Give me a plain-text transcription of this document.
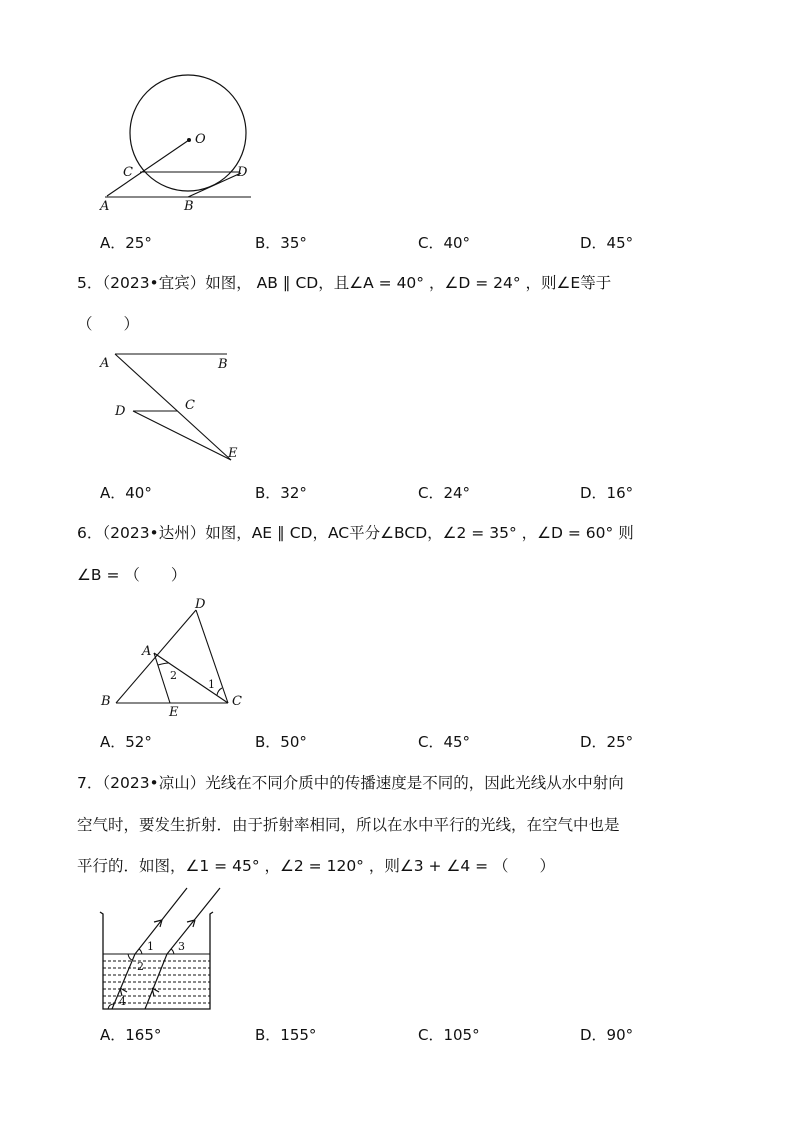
O
C	D
A	B
A．25°	B．35°	C．40°	D．45°
5．（2023•宜宾）如图， AB ∥ CD，且∠A = 40° ，∠D = 24° ，则∠E等于
（　　）
A	B
C
D
E
A．40°	B．32°	C．24°	D．16°
6．（2023•达州）如图，AE ∥ CD，AC平分∠BCD，∠2 = 35° ，∠D = 60° 则
∠B = （　　）
D
A
B
E
C
2
1
A．52°	B．50°	C．45°	D．25°
7．（2023•凉山）光线在不同介质中的传播速度是不同的，因此光线从水中射向
空气时，要发生折射．由于折射率相同，所以在水中平行的光线，在空气中也是
平行的．如图，∠1 = 45° ，∠2 = 120° ，则∠3 + ∠4 = （　　）
1
2
3
4
A．165°	B．155°	C．105°	D．90°
